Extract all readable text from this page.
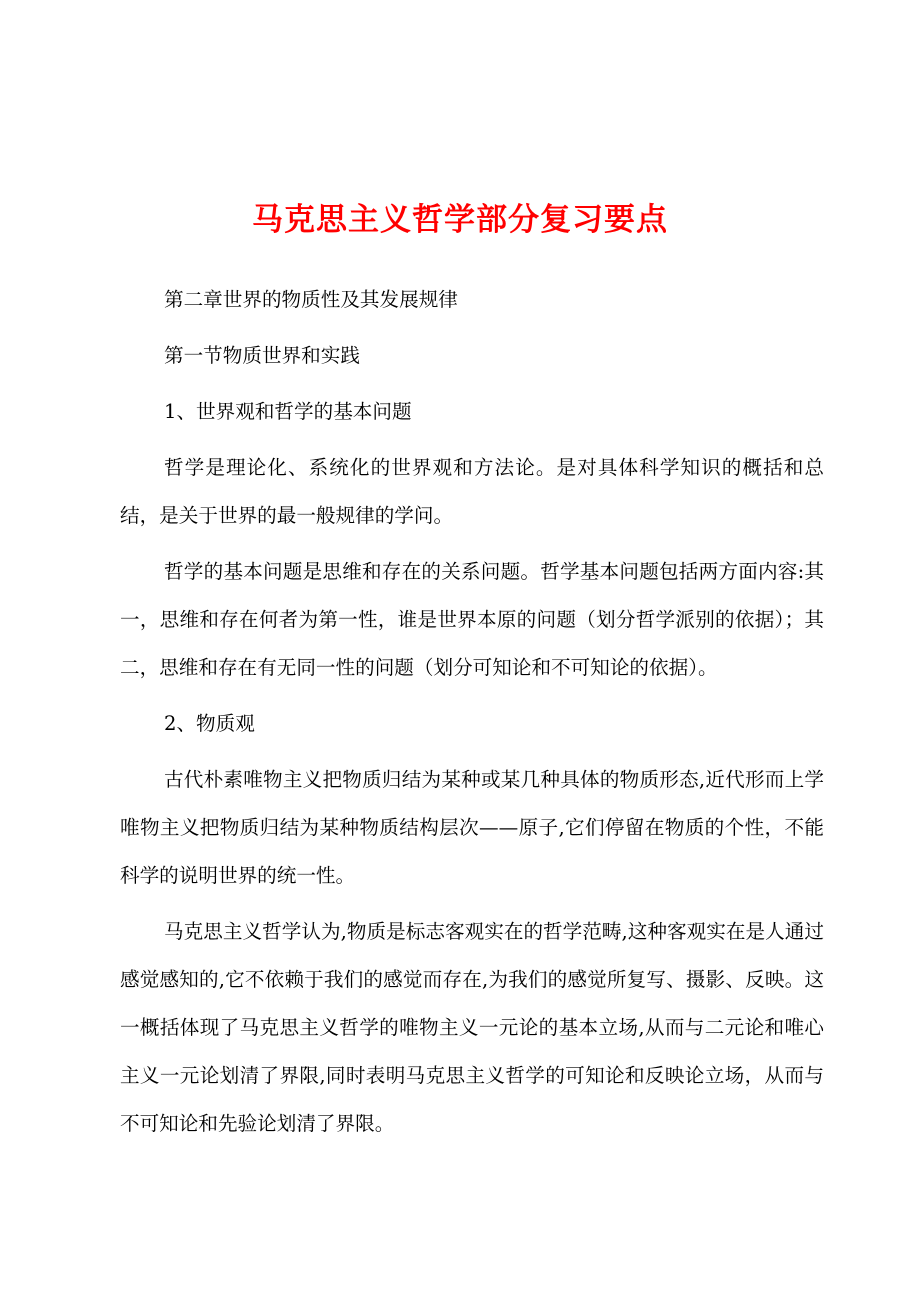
马克思主义哲学部分复习要点

第二章世界的物质性及其发展规律

第一节物质世界和实践

1、世界观和哲学的基本问题

哲学是理论化、系统化的世界观和方法论。是对具体科学知识的概括和总结，是关于世界的最一般规律的学问。

哲学的基本问题是思维和存在的关系问题。哲学基本问题包括两方面内容:其一，思维和存在何者为第一性，谁是世界本原的问题（划分哲学派别的依据）；其二，思维和存在有无同一性的问题（划分可知论和不可知论的依据）。

2、物质观

古代朴素唯物主义把物质归结为某种或某几种具体的物质形态,近代形而上学唯物主义把物质归结为某种物质结构层次——原子,它们停留在物质的个性，不能科学的说明世界的统一性。

马克思主义哲学认为,物质是标志客观实在的哲学范畴,这种客观实在是人通过感觉感知的,它不依赖于我们的感觉而存在,为我们的感觉所复写、摄影、反映。这一概括体现了马克思主义哲学的唯物主义一元论的基本立场,从而与二元论和唯心主义一元论划清了界限,同时表明马克思主义哲学的可知论和反映论立场，从而与不可知论和先验论划清了界限。
